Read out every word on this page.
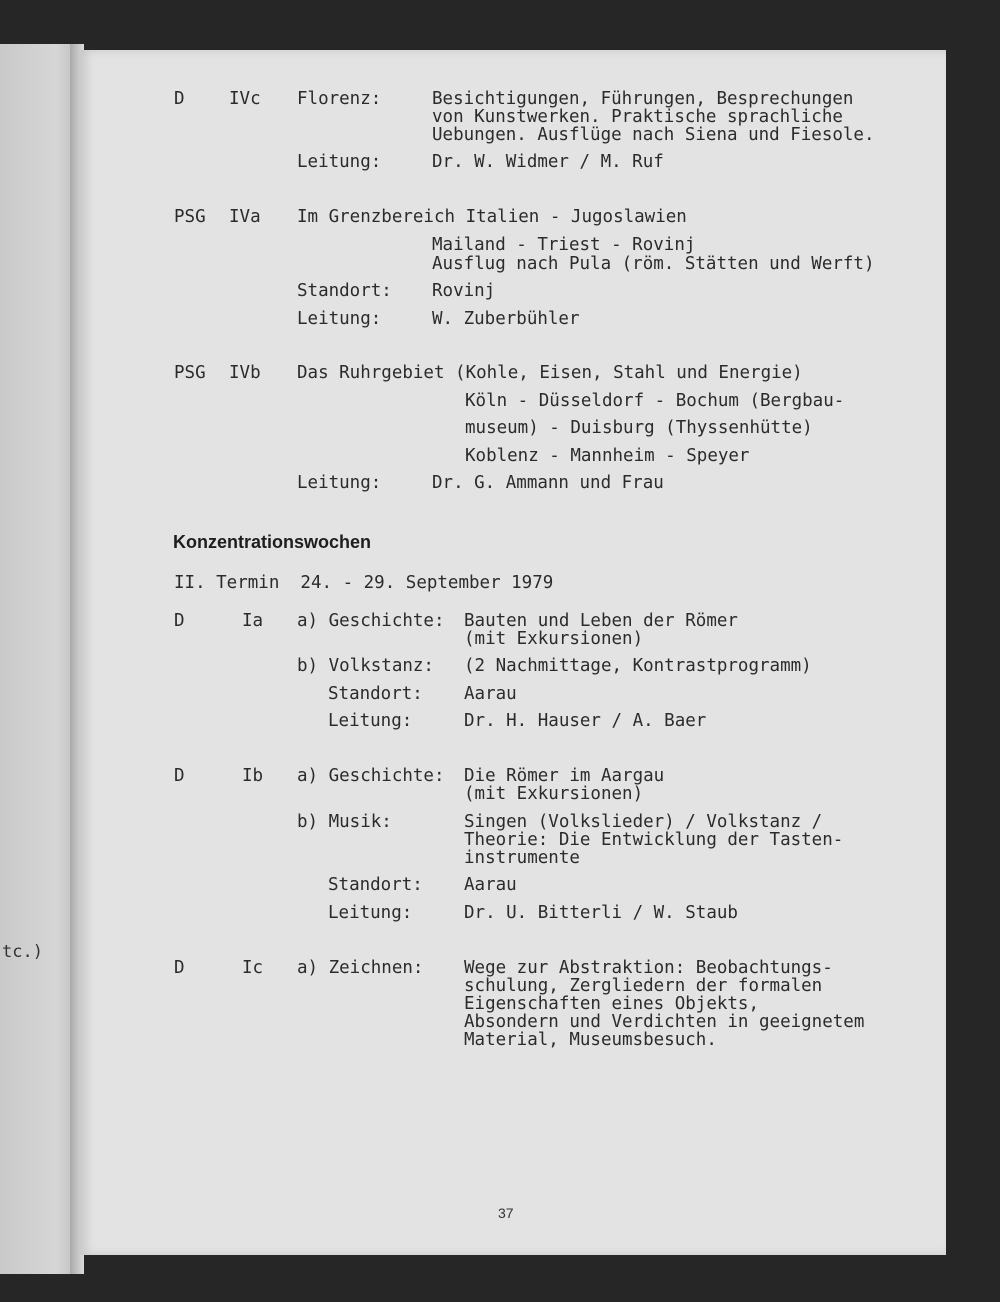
tc.)
D	IVc Florenz:	Besichtigungen, Führungen, Besprechungen
von Kunstwerken. Praktische sprachliche
Uebungen. Ausflüge nach Siena und Fiesole.
Leitung:	Dr. W. Widmer / M. Ruf
PSG IVa Im Grenzbereich Italien - Jugoslawien
Mailand - Triest - Rovinj
Ausflug nach Pula (röm. Stätten und Werft)
Standort: Rovinj
Leitung:	W. Zuberbühler
PSG IVb Das Ruhrgebiet (Kohle, Eisen, Stahl und Energie)
Köln - Düsseldorf - Bochum (Bergbau-
museum) - Duisburg (Thyssenhütte)
Koblenz - Mannheim - Speyer
Leitung:	Dr. G. Ammann und Frau
Konzentrationswochen
II. Termin  24. - 29. September 1979
D	Ia a) Geschichte: Bauten und Leben der Römer
(mit Exkursionen)
b) Volkstanz: (2 Nachmittage, Kontrastprogramm)
Standort: Aarau
Leitung:	Dr. H. Hauser / A. Baer
D	Ib a) Geschichte: Die Römer im Aargau
(mit Exkursionen)
b) Musik:	Singen (Volkslieder) / Volkstanz /
Theorie: Die Entwicklung der Tasten-
instrumente
Standort: Aarau
Leitung:	Dr. U. Bitterli / W. Staub
D	Ic a) Zeichnen: Wege zur Abstraktion: Beobachtungs-
schulung, Zergliedern der formalen
Eigenschaften eines Objekts,
Absondern und Verdichten in geeignetem
Material, Museumsbesuch.
37
